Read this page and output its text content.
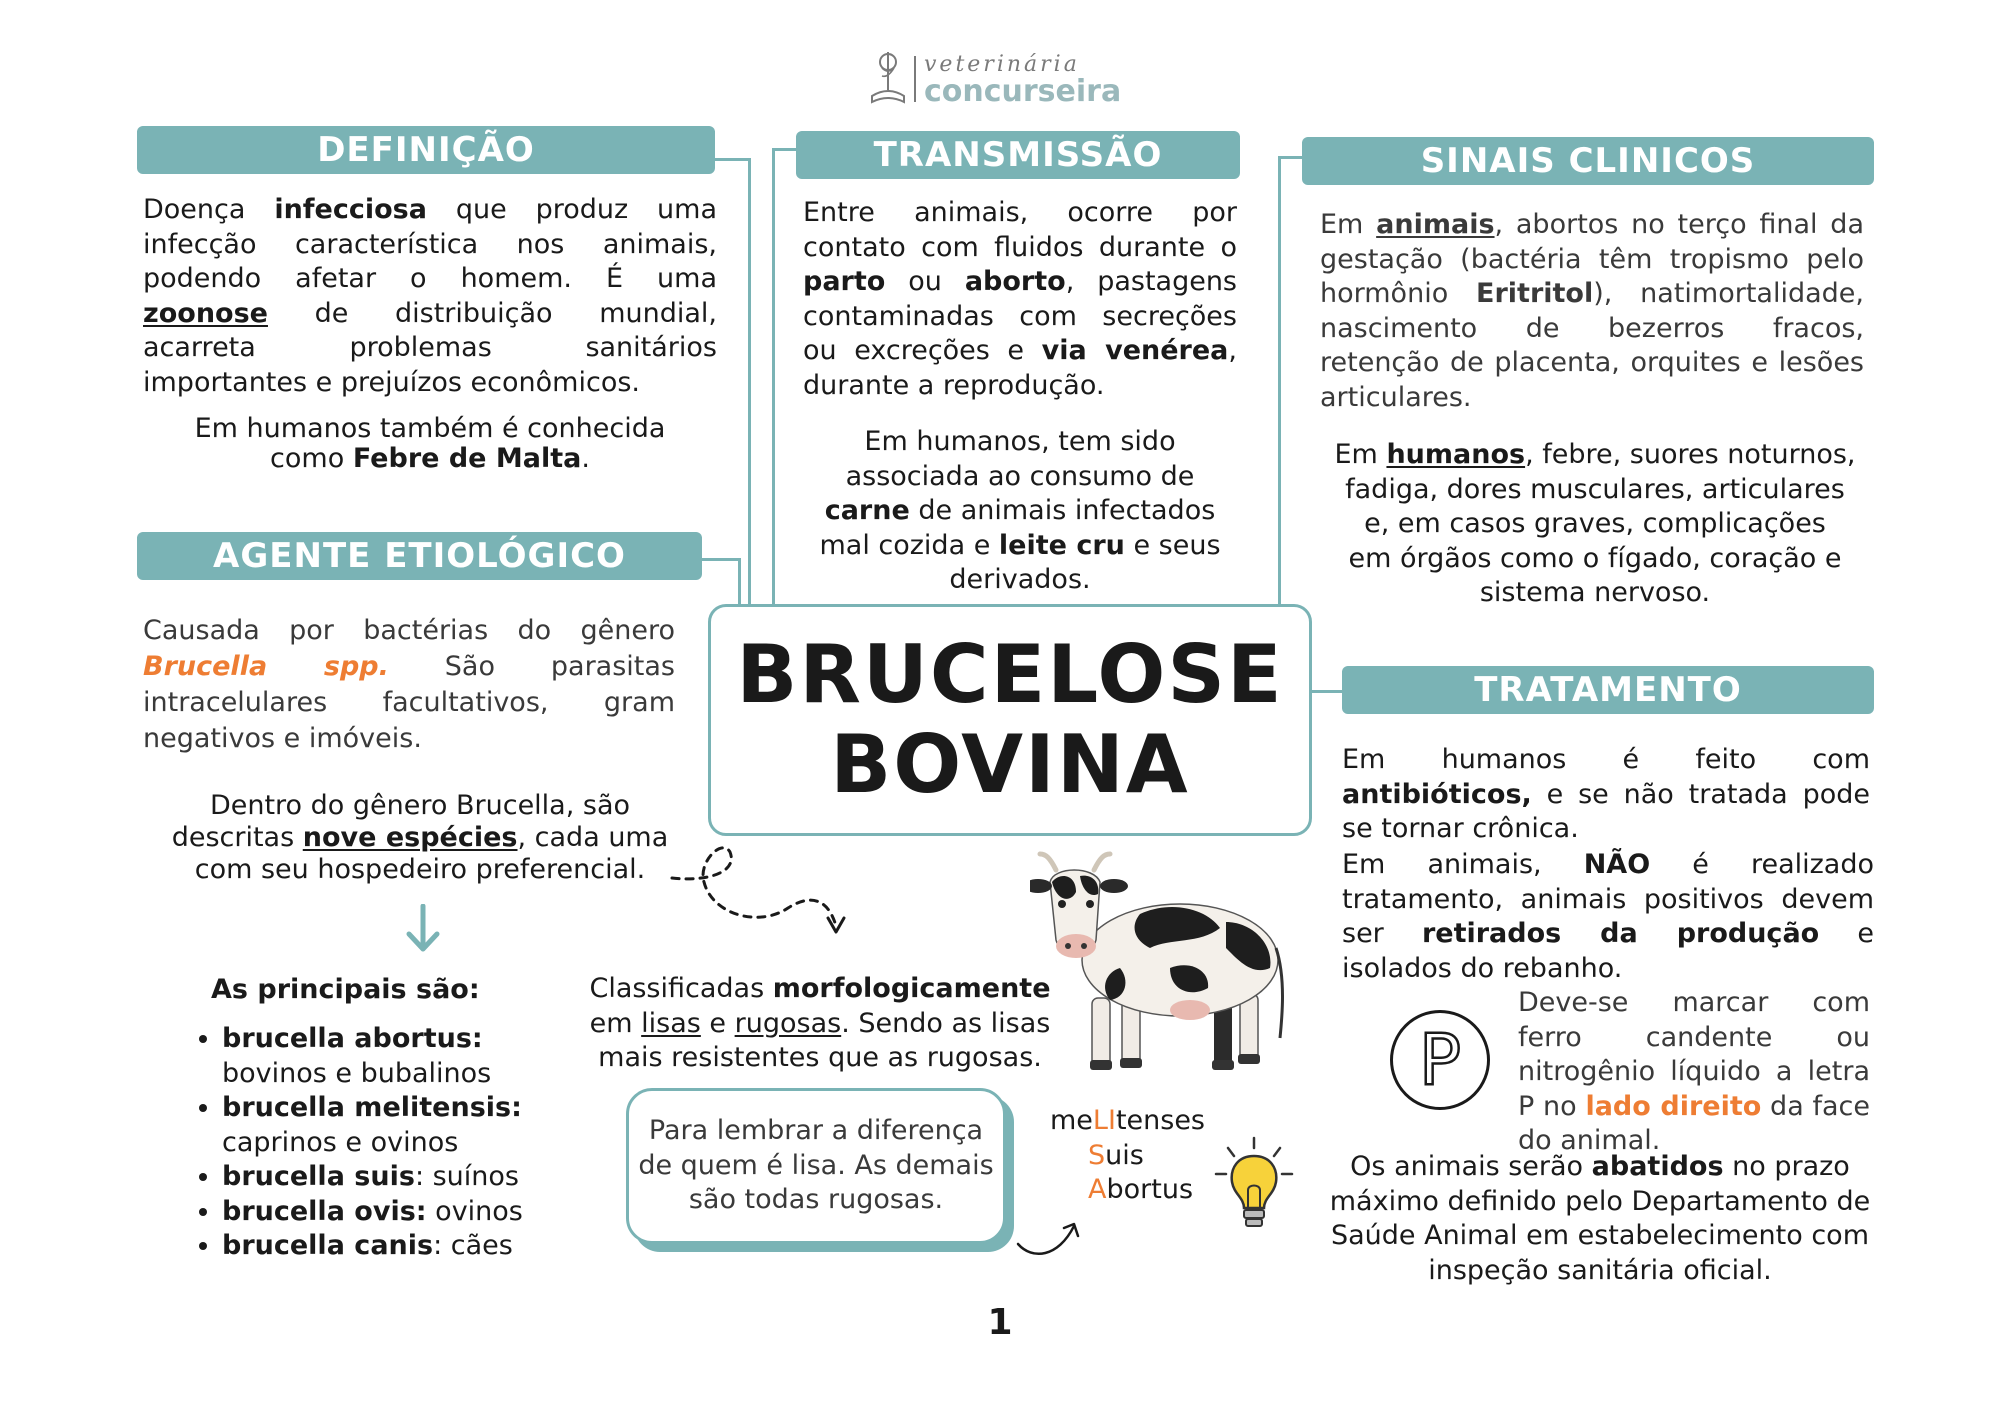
veterinária
concurseira
BRUCELOSE
BOVINA
DEFINIÇÃO
Doença infecciosa que produz uma infecção característica nos animais, podendo afetar o homem. É uma zoonose de distribuição mundial, acarreta problemas sanitários importantes e prejuízos econômicos.
Em humanos também é conhecida
como Febre de Malta.
AGENTE ETIOLÓGICO
Causada por bactérias do gênero Brucella spp. São parasitas intracelulares facultativos, gram negativos e imóveis.
Dentro do gênero Brucella, são
descritas nove espécies, cada uma
com seu hospedeiro preferencial.
As principais são:
• brucella abortus: bovinos e bubalinos
• brucella melitensis: caprinos e ovinos
• brucella suis: suínos
• brucella ovis: ovinos
• brucella canis: cães
TRANSMISSÃO
Entre animais, ocorre por contato com fluidos durante o parto ou aborto, pastagens contaminadas com secreções ou excreções e via venérea, durante a reprodução.
Em humanos, tem sido associada ao consumo de carne de animais infectados mal cozida e leite cru e seus derivados.
SINAIS CLINICOS
Em animais, abortos no terço final da gestação (bactéria têm tropismo pelo hormônio Eritritol), natimortalidade, nascimento de bezerros fracos, retenção de placenta, orquites e lesões articulares.
Em humanos, febre, suores noturnos,
fadiga, dores musculares, articulares
e, em casos graves, complicações
em órgãos como o fígado, coração e
sistema nervoso.
TRATAMENTO
Em humanos é feito com antibióticos, e se não tratada pode se tornar crônica.
Em animais, NÃO é realizado tratamento, animais positivos devem ser retirados da produção e isolados do rebanho.
P
Deve-se marcar com ferro candente ou nitrogênio líquido a letra P no lado direito da face do animal.
Os animais serão abatidos no prazo
máximo definido pelo Departamento de
Saúde Animal em estabelecimento com
inspeção sanitária oficial.
Classificadas morfologicamente
em lisas e rugosas. Sendo as lisas
mais resistentes que as rugosas.
Para lembrar a diferença
de quem é lisa. As demais
são todas rugosas.
meLItenses
Suis
Abortus
1
